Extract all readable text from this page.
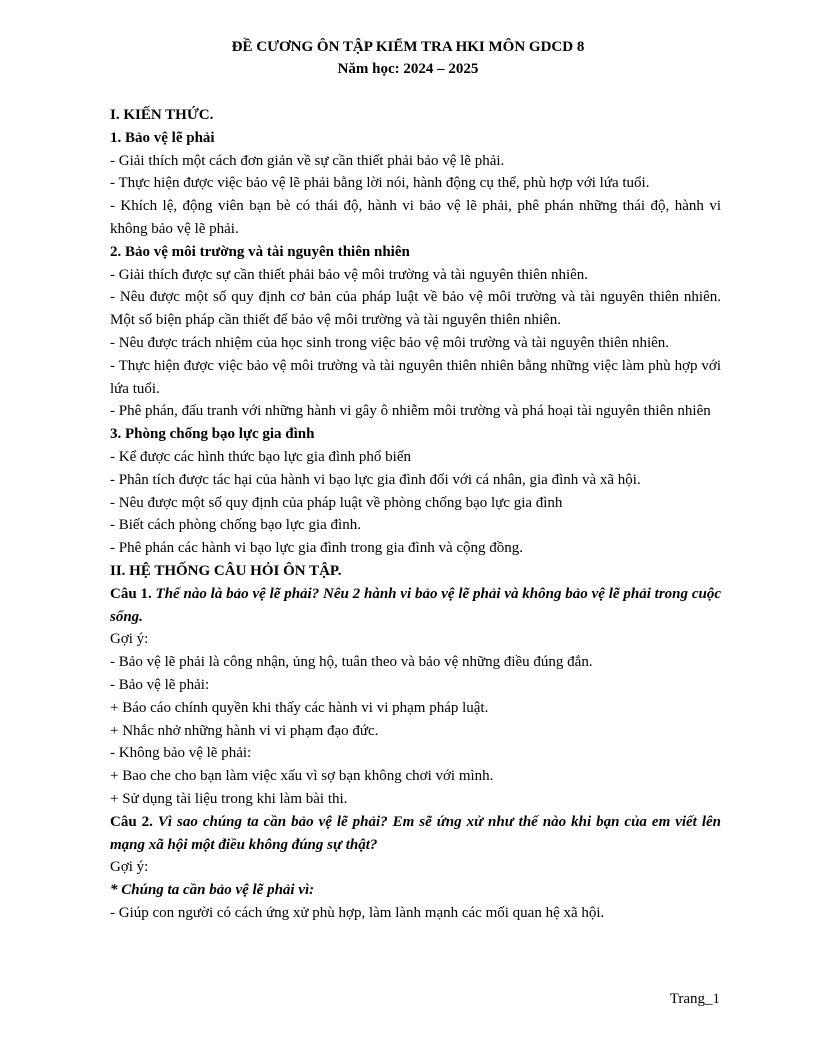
ĐỀ CƯƠNG ÔN TẬP KIỂM TRA HKI MÔN GDCD 8
Năm học: 2024 – 2025

I. KIẾN THỨC.

1. Bảo vệ lẽ phải

- Giải thích một cách đơn giản về sự cần thiết phải bảo vệ lẽ phải.

- Thực hiện được việc bảo vệ lẽ phải bằng lời nói, hành động cụ thể, phù hợp với lứa tuổi.

- Khích lệ, động viên bạn bè có thái độ, hành vi bảo vệ lẽ phải, phê phán những thái độ, hành vi không bảo vệ lẽ phải.

2. Bảo vệ môi trường và tài nguyên thiên nhiên

- Giải thích được sự cần thiết phải bảo vệ môi trường và tài nguyên thiên nhiên.

- Nêu được một số quy định cơ bản của pháp luật về bảo vệ môi trường và tài nguyên thiên nhiên. Một số biện pháp cần thiết để bảo vệ môi trường và tài nguyên thiên nhiên.

- Nêu được trách nhiệm của học sinh trong việc bảo vệ môi trường và tài nguyên thiên nhiên.

- Thực hiện được việc bảo vệ môi trường và tài nguyên thiên nhiên bằng những việc làm phù hợp với lứa tuổi.

- Phê phán, đấu tranh với những hành vi gây ô nhiễm môi trường và phá hoại tài nguyên thiên nhiên

3. Phòng chống bạo lực gia đình

- Kể được các hình thức bạo lực gia đình phổ biến

- Phân tích được tác hại của hành vi bạo lực gia đình đối với cá nhân, gia đình và xã hội.

- Nêu được một số quy định của pháp luật về phòng chống bạo lực gia đình

- Biết cách phòng chống bạo lực gia đình.

- Phê phán các hành vi bạo lực gia đình trong gia đình và cộng đồng.

II. HỆ THỐNG CÂU HỎI ÔN TẬP.

Câu 1. Thế nào là bảo vệ lẽ phải? Nêu 2 hành vi bảo vệ lẽ phải và không bảo vệ lẽ phải trong cuộc sống.

Gợi ý:

- Bảo vệ lẽ phải là công nhận, ủng hộ, tuân theo và bảo vệ những điều đúng đắn.

- Bảo vệ lẽ phải:

+ Báo cáo chính quyền khi thấy các hành vi vi phạm pháp luật.

+ Nhắc nhở những hành vi vi phạm đạo đức.

- Không bảo vệ lẽ phải:

+ Bao che cho bạn làm việc xấu vì sợ bạn không chơi với mình.

+ Sử dụng tài liệu trong khi làm bài thi.

Câu 2. Vì sao chúng ta cần bảo vệ lẽ phải? Em sẽ ứng xử như thế nào khi bạn của em viết lên mạng xã hội một điều không đúng sự thật?

Gợi ý:

* Chúng ta cần bảo vệ lẽ phải vì:

- Giúp con người có cách ứng xử phù hợp, làm lành mạnh các mối quan hệ xã hội.

Trang_1
